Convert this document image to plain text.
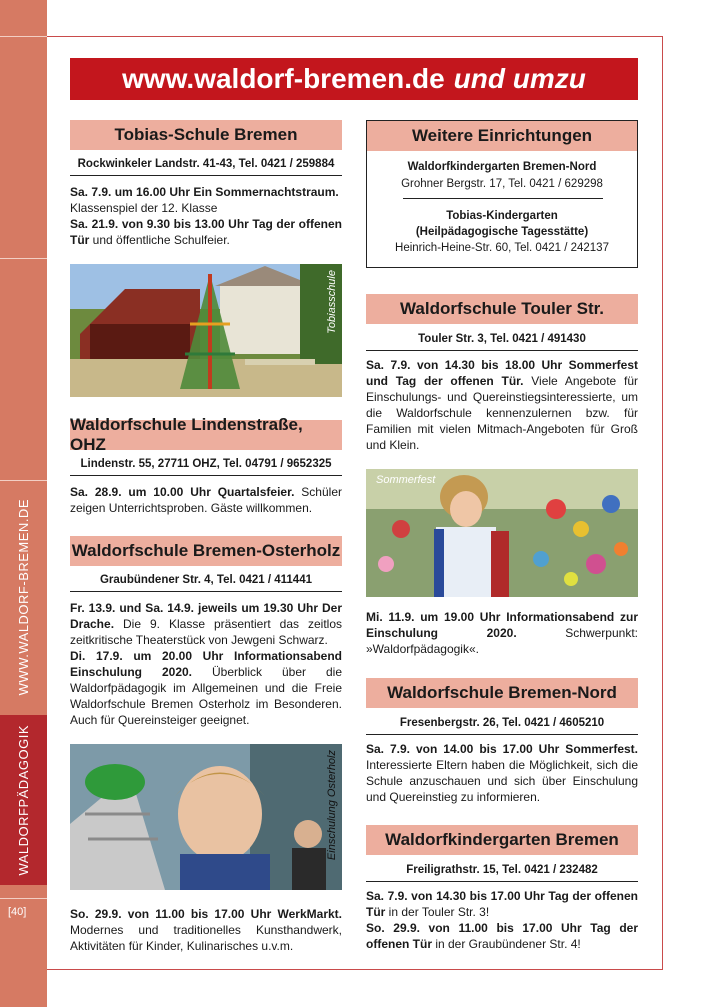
WWW.WALDORF-BREMEN.DE
WALDORFPÄDAGOGIK
[40]
www.waldorf-bremen.de und umzu
Tobias-Schule Bremen
Rockwinkeler Landstr. 41-43, Tel. 0421 / 259884
Sa. 7.9. um 16.00 Uhr Ein Sommernachtstraum.
Klassenspiel der 12. Klasse
Sa. 21.9. von 9.30 bis 13.00 Uhr Tag der offenen Tür und öffentliche Schulfeier.
Tobiasschule
Waldorfschule Lindenstraße, OHZ
Lindenstr. 55, 27711 OHZ, Tel. 04791 / 9652325
Sa. 28.9. um 10.00 Uhr Quartalsfeier. Schüler zeigen Unterrichtsproben. Gäste willkommen.
Waldorfschule Bremen-Osterholz
Graubündener Str. 4, Tel. 0421 / 411441
Fr. 13.9. und Sa. 14.9. jeweils um 19.30 Uhr Der Drache. Die 9. Klasse präsentiert das zeitlos zeitkritische Theaterstück von Jewgeni Schwarz.
Di. 17.9. um 20.00 Uhr Informationsabend Einschulung 2020. Überblick über die Waldorfpädagogik im Allgemeinen und die Freie Waldorfschule Bremen Osterholz im Besonderen. Auch für Quereinsteiger geeignet.
Einschulung Osterholz
So. 29.9. von 11.00 bis 17.00 Uhr WerkMarkt. Modernes und traditionelles Kunsthandwerk, Aktivitäten für Kinder, Kulinarisches u.v.m.
Weitere Einrichtungen
Waldorfkindergarten Bremen-Nord
Grohner Bergstr. 17, Tel. 0421 / 629298
Tobias-Kindergarten
(Heilpädagogische Tagesstätte)
Heinrich-Heine-Str. 60, Tel. 0421 / 242137
Waldorfschule Touler Str.
Touler Str. 3, Tel. 0421 / 491430
Sa. 7.9. von 14.30 bis 18.00 Uhr Sommerfest und Tag der offenen Tür. Viele Angebote für Einschulungs- und Quereinstiegsinteressierte, um die Waldorfschule kennenzulernen bzw. für Familien mit vielen Mitmach-Angeboten für Groß und Klein.
Sommerfest
Mi. 11.9. um 19.00 Uhr Informationsabend zur Einschulung 2020. Schwerpunkt: »Waldorfpädagogik«.
Waldorfschule Bremen-Nord
Fresenbergstr. 26, Tel. 0421 / 4605210
Sa. 7.9. von 14.00 bis 17.00 Uhr Sommerfest. Interessierte Eltern haben die Möglichkeit, sich die Schule anzuschauen und sich über Einschulung und Quereinstieg zu informieren.
Waldorfkindergarten Bremen
Freiligrathstr. 15, Tel. 0421 / 232482
Sa. 7.9. von 14.30 bis 17.00 Uhr Tag der offenen Tür in der Touler Str. 3!
So. 29.9. von 11.00 bis 17.00 Uhr Tag der offenen Tür in der Graubündener Str. 4!
